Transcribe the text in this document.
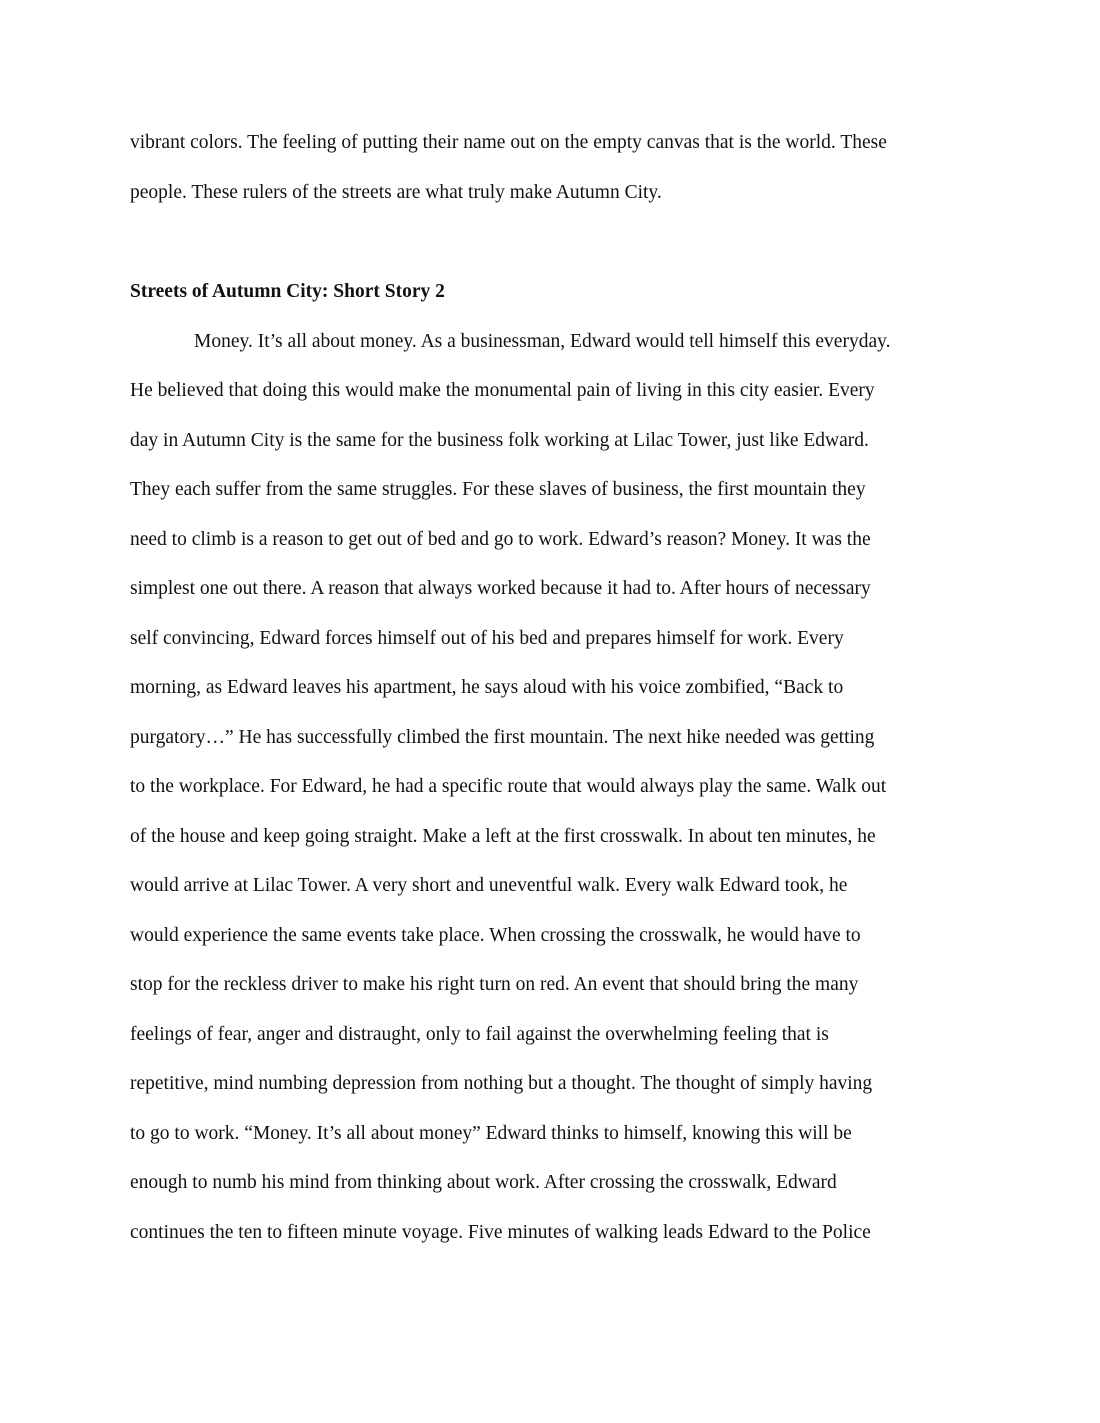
vibrant colors. The feeling of putting their name out on the empty canvas that is the world. These
people. These rulers of the streets are what truly make Autumn City.
Streets of Autumn City: Short Story 2
Money. It’s all about money. As a businessman, Edward would tell himself this everyday.
He believed that doing this would make the monumental pain of living in this city easier. Every
day in Autumn City is the same for the business folk working at Lilac Tower, just like Edward.
They each suffer from the same struggles. For these slaves of business, the first mountain they
need to climb is a reason to get out of bed and go to work. Edward’s reason? Money. It was the
simplest one out there. A reason that always worked because it had to. After hours of necessary
self convincing, Edward forces himself out of his bed and prepares himself for work. Every
morning, as Edward leaves his apartment, he says aloud with his voice zombified, “Back to
purgatory…” He has successfully climbed the first mountain. The next hike needed was getting
to the workplace. For Edward, he had a specific route that would always play the same. Walk out
of the house and keep going straight. Make a left at the first crosswalk. In about ten minutes, he
would arrive at Lilac Tower. A very short and uneventful walk. Every walk Edward took, he
would experience the same events take place. When crossing the crosswalk, he would have to
stop for the reckless driver to make his right turn on red. An event that should bring the many
feelings of fear, anger and distraught, only to fail against the overwhelming feeling that is
repetitive, mind numbing depression from nothing but a thought. The thought of simply having
to go to work. “Money. It’s all about money” Edward thinks to himself, knowing this will be
enough to numb his mind from thinking about work. After crossing the crosswalk, Edward
continues the ten to fifteen minute voyage. Five minutes of walking leads Edward to the Police
